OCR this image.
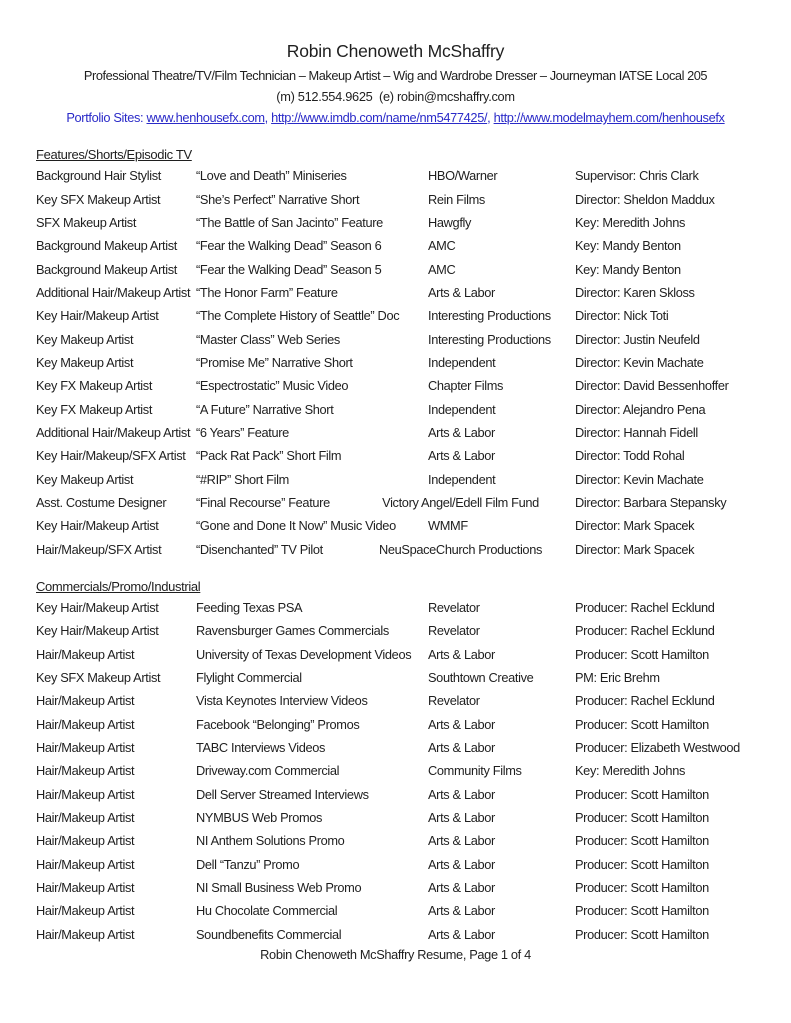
Robin Chenoweth McShaffry
Professional Theatre/TV/Film Technician – Makeup Artist – Wig and Wardrobe Dresser – Journeyman IATSE Local 205
(m) 512.554.9625  (e) robin@mcshaffry.com
Portfolio Sites: www.henhousefx.com, http://www.imdb.com/name/nm5477425/, http://www.modelmayhem.com/henhousefx
Features/Shorts/Episodic TV
Background Hair Stylist	“Love and Death” Miniseries	HBO/Warner	Supervisor: Chris Clark
Key SFX Makeup Artist	“She’s Perfect” Narrative Short	Rein Films	Director: Sheldon Maddux
SFX Makeup Artist	“The Battle of San Jacinto” Feature	Hawgfly	Key: Meredith Johns
Background Makeup Artist	“Fear the Walking Dead” Season 6	AMC	Key: Mandy Benton
Background Makeup Artist	“Fear the Walking Dead” Season 5	AMC	Key: Mandy Benton
Additional Hair/Makeup Artist “The Honor Farm” Feature	Arts & Labor	Director: Karen Skloss
Key Hair/Makeup Artist	“The Complete History of Seattle” Doc	Interesting Productions	Director: Nick Toti
Key Makeup Artist	“Master Class” Web Series	Interesting Productions	Director: Justin Neufeld
Key Makeup Artist	“Promise Me” Narrative Short	Independent	Director: Kevin Machate
Key FX Makeup Artist	“Espectrostatic” Music Video	Chapter Films	Director: David Bessenhoffer
Key FX Makeup Artist	“A Future” Narrative Short	Independent	Director: Alejandro Pena
Additional Hair/Makeup Artist “6 Years” Feature	Arts & Labor	Director: Hannah Fidell
Key Hair/Makeup/SFX Artist “Pack Rat Pack” Short Film	Arts & Labor	Director: Todd Rohal
Key Makeup Artist	“#RIP” Short Film	Independent	Director: Kevin Machate
Asst. Costume Designer	“Final Recourse” Feature	Victory Angel/Edell Film Fund	Director: Barbara Stepansky
Key Hair/Makeup Artist	“Gone and Done It Now” Music Video	WMMF	Director: Mark Spacek
Hair/Makeup/SFX Artist	“Disenchanted” TV Pilot	NeuSpaceChurch Productions	Director: Mark Spacek
Commercials/Promo/Industrial
Key Hair/Makeup Artist	Feeding Texas PSA	Revelator	Producer: Rachel Ecklund
Key Hair/Makeup Artist	Ravensburger Games Commercials	Revelator	Producer: Rachel Ecklund
Hair/Makeup Artist	University of Texas Development Videos	Arts & Labor	Producer: Scott Hamilton
Key SFX Makeup Artist	Flylight Commercial	Southtown Creative	PM: Eric Brehm
Hair/Makeup Artist	Vista Keynotes Interview Videos	Revelator	Producer: Rachel Ecklund
Hair/Makeup Artist	Facebook “Belonging” Promos	Arts & Labor	Producer: Scott Hamilton
Hair/Makeup Artist	TABC Interviews Videos	Arts & Labor	Producer: Elizabeth Westwood
Hair/Makeup Artist	Driveway.com Commercial	Community Films	Key: Meredith Johns
Hair/Makeup Artist	Dell Server Streamed Interviews	Arts & Labor	Producer: Scott Hamilton
Hair/Makeup Artist	NYMBUS Web Promos	Arts & Labor	Producer: Scott Hamilton
Hair/Makeup Artist	NI Anthem Solutions Promo	Arts & Labor	Producer: Scott Hamilton
Hair/Makeup Artist	Dell “Tanzu” Promo	Arts & Labor	Producer: Scott Hamilton
Hair/Makeup Artist	NI Small Business Web Promo	Arts & Labor	Producer: Scott Hamilton
Hair/Makeup Artist	Hu Chocolate Commercial	Arts & Labor	Producer: Scott Hamilton
Hair/Makeup Artist	Soundbenefits Commercial	Arts & Labor	Producer: Scott Hamilton
Robin Chenoweth McShaffry Resume, Page 1 of 4
